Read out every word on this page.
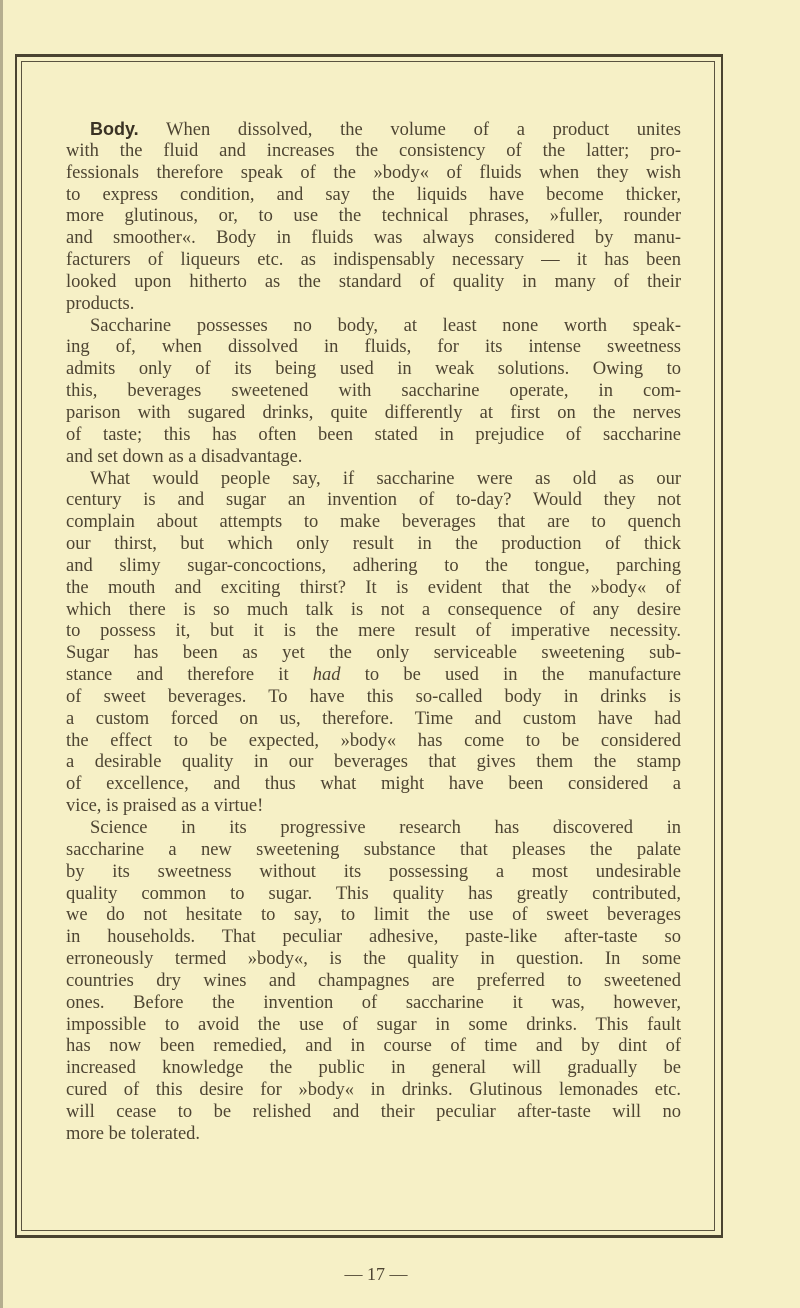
Body. When dissolved, the volume of a product unites
with the fluid and increases the consistency of the latter; pro-
fessionals therefore speak of the »body« of fluids when they wish
to express condition, and say the liquids have become thicker,
more glutinous, or, to use the technical phrases, »fuller, rounder
and smoother«. Body in fluids was always considered by manu-
facturers of liqueurs etc. as indispensably necessary — it has been
looked upon hitherto as the standard of quality in many of their
products.
Saccharine possesses no body, at least none worth speak-
ing of, when dissolved in fluids, for its intense sweetness
admits only of its being used in weak solutions. Owing to
this, beverages sweetened with saccharine operate, in com-
parison with sugared drinks, quite differently at first on the nerves
of taste; this has often been stated in prejudice of saccharine
and set down as a disadvantage.
What would people say, if saccharine were as old as our
century is and sugar an invention of to-day? Would they not
complain about attempts to make beverages that are to quench
our thirst, but which only result in the production of thick
and slimy sugar-concoctions, adhering to the tongue, parching
the mouth and exciting thirst? It is evident that the »body« of
which there is so much talk is not a consequence of any desire
to possess it, but it is the mere result of imperative necessity.
Sugar has been as yet the only serviceable sweetening sub-
stance and therefore it had to be used in the manufacture
of sweet beverages. To have this so-called body in drinks is
a custom forced on us, therefore. Time and custom have had
the effect to be expected, »body« has come to be considered
a desirable quality in our beverages that gives them the stamp
of excellence, and thus what might have been considered a
vice, is praised as a virtue!
Science in its progressive research has discovered in
saccharine a new sweetening substance that pleases the palate
by its sweetness without its possessing a most undesirable
quality common to sugar. This quality has greatly contributed,
we do not hesitate to say, to limit the use of sweet beverages
in households. That peculiar adhesive, paste-like after-taste so
erroneously termed »body«, is the quality in question. In some
countries dry wines and champagnes are preferred to sweetened
ones. Before the invention of saccharine it was, however,
impossible to avoid the use of sugar in some drinks. This fault
has now been remedied, and in course of time and by dint of
increased knowledge the public in general will gradually be
cured of this desire for »body« in drinks. Glutinous lemonades etc.
will cease to be relished and their peculiar after-taste will no
more be tolerated.
— 17 —
